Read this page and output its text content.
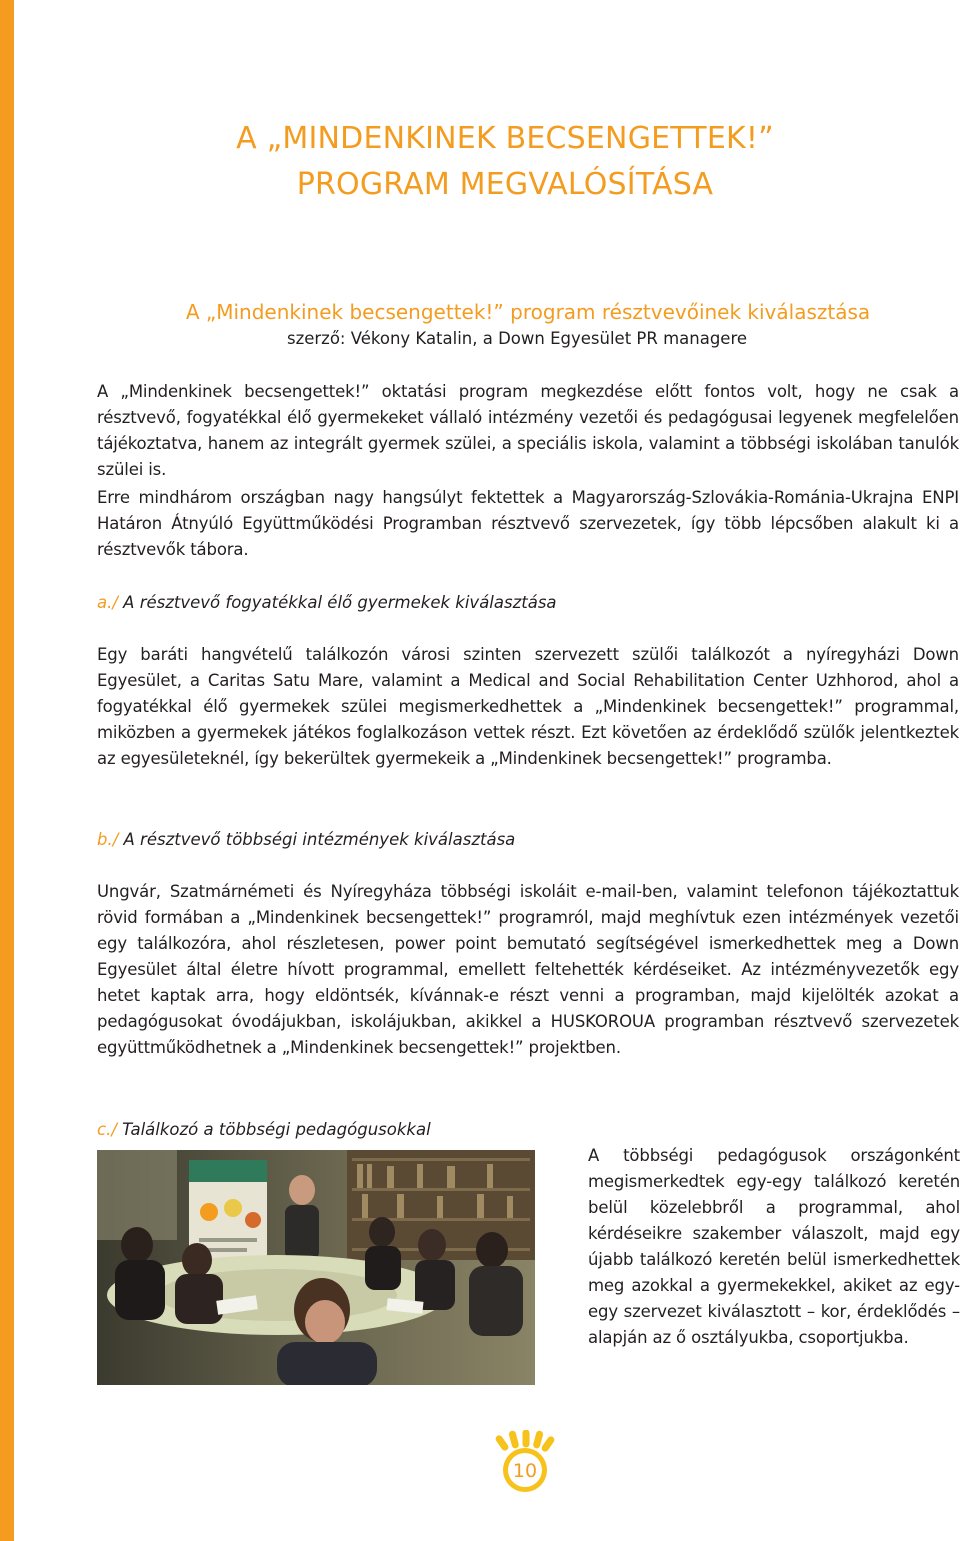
A „MINDENKINEK BECSENGETTEK!”
PROGRAM MEGVALÓSÍTÁSA
A „Mindenkinek becsengettek!” program résztvevőinek kiválasztása
szerző: Vékony Katalin, a Down Egyesület PR managere

A „Mindenkinek becsengettek!” oktatási program megkezdése előtt fontos volt, hogy ne csak a résztvevő, fogyatékkal élő gyermekeket vállaló intézmény vezetői és pedagógusai legyenek megfelelően tájékoztatva, hanem az integrált gyermek szülei, a speciális iskola, valamint a többségi iskolában tanulók szülei is.

Erre mindhárom országban nagy hangsúlyt fektettek a Magyarország-Szlovákia-Románia-Ukrajna ENPI Határon Átnyúló Együttműködési Programban résztvevő szervezetek, így több lépcsőben alakult ki a résztvevők tábora.

a./ A résztvevő fogyatékkal élő gyermekek kiválasztása

Egy baráti hangvételű találkozón városi szinten szervezett szülői találkozót a nyíregyházi Down Egyesület, a Caritas Satu Mare, valamint a Medical and Social Rehabilitation Center Uzhhorod, ahol a fogyatékkal élő gyermekek szülei megismerkedhettek a „Mindenkinek becsengettek!” programmal, miközben a gyermekek játékos foglalkozáson vettek részt. Ezt követően az érdeklődő szülők jelentkeztek az egyesületeknél, így bekerültek gyermekeik a „Mindenkinek becsengettek!” programba.

b./ A résztvevő többségi intézmények kiválasztása

Ungvár, Szatmárnémeti és Nyíregyháza többségi iskoláit e-mail-ben, valamint telefonon tájékoztattuk rövid formában a „Mindenkinek becsengettek!” programról, majd meghívtuk ezen intézmények vezetői egy találkozóra, ahol részletesen, power point bemutató segítségével ismerkedhettek meg a Down Egyesület által életre hívott programmal, emellett feltehették kérdéseiket. Az intézményvezetők egy hetet kaptak arra, hogy eldöntsék, kívánnak-e részt venni a programban, majd kijelölték azokat a pedagógusokat óvodájukban, iskolájukban, akikkel a HUSKOROUA programban résztvevő szervezetek együttműködhetnek a „Mindenkinek becsengettek!” projektben.

c./ Találkozó a többségi pedagógusokkal

A többségi pedagógusok országonként megismerkedtek egy-egy találkozó keretén belül közelebbről a programmal, ahol kérdéseikre szakember válaszolt, majd egy újabb találkozó keretén belül ismerkedhettek meg azokkal a gyermekekkel, akiket az egy-egy szervezet kiválasztott – kor, érdeklődés – alapján az ő osztályukba, csoportjukba.

10
